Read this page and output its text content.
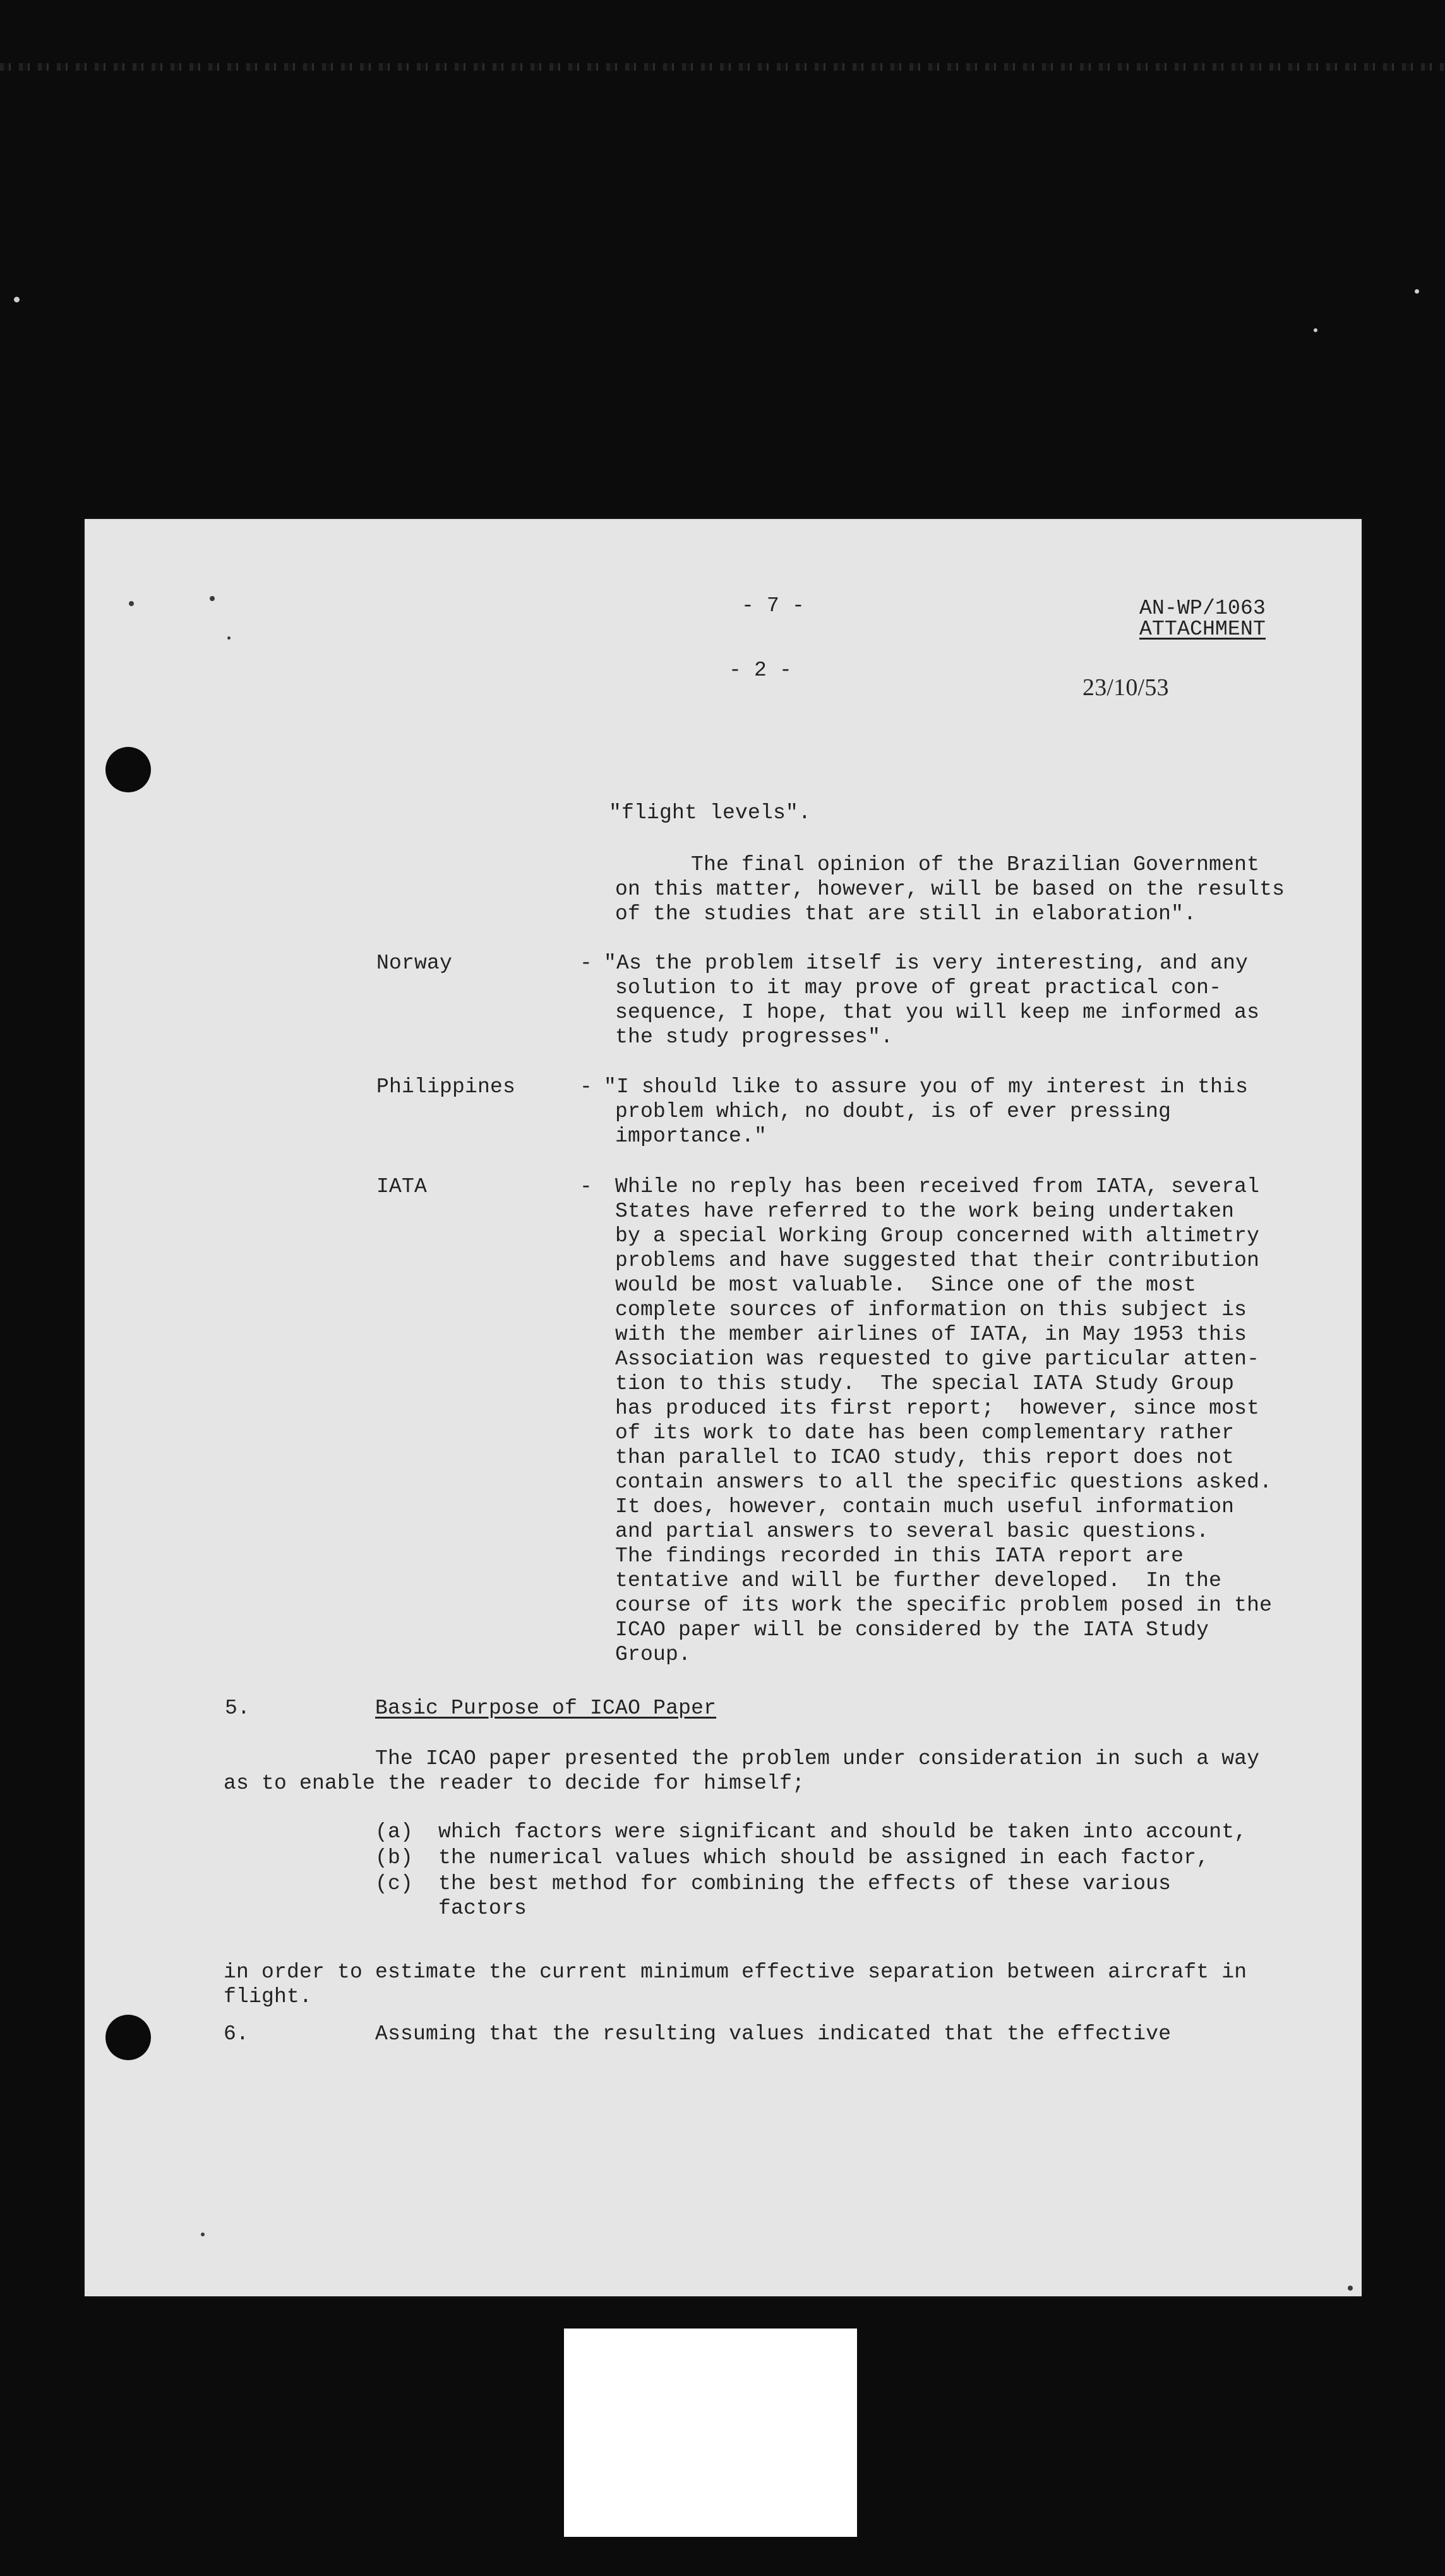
- 7 -	AN-WP/1063
ATTACHMENT
- 2 -
23/10/53
"flight levels".
The final opinion of the Brazilian Government
on this matter, however, will be based on the results
of the studies that are still in elaboration".
Norway	- "As the problem itself is very interesting, and any
solution to it may prove of great practical con-
sequence, I hope, that you will keep me informed as
the study progresses".
Philippines	- "I should like to assure you of my interest in this
problem which, no doubt, is of ever pressing
importance."
IATA	- While no reply has been received from IATA, several
States have referred to the work being undertaken
by a special Working Group concerned with altimetry
problems and have suggested that their contribution
would be most valuable.  Since one of the most
complete sources of information on this subject is
with the member airlines of IATA, in May 1953 this
Association was requested to give particular atten-
tion to this study.  The special IATA Study Group
has produced its first report;  however, since most
of its work to date has been complementary rather
than parallel to ICAO study, this report does not
contain answers to all the specific questions asked.
It does, however, contain much useful information
and partial answers to several basic questions.
The findings recorded in this IATA report are
tentative and will be further developed.  In the
course of its work the specific problem posed in the
ICAO paper will be considered by the IATA Study
Group.
5.	Basic Purpose of ICAO Paper
The ICAO paper presented the problem under consideration in such a way
as to enable the reader to decide for himself;
(a) which factors were significant and should be taken into account,
(b) the numerical values which should be assigned in each factor,
(c) the best method for combining the effects of these various
factors
in order to estimate the current minimum effective separation between aircraft in
flight.
6.	Assuming that the resulting values indicated that the effective
